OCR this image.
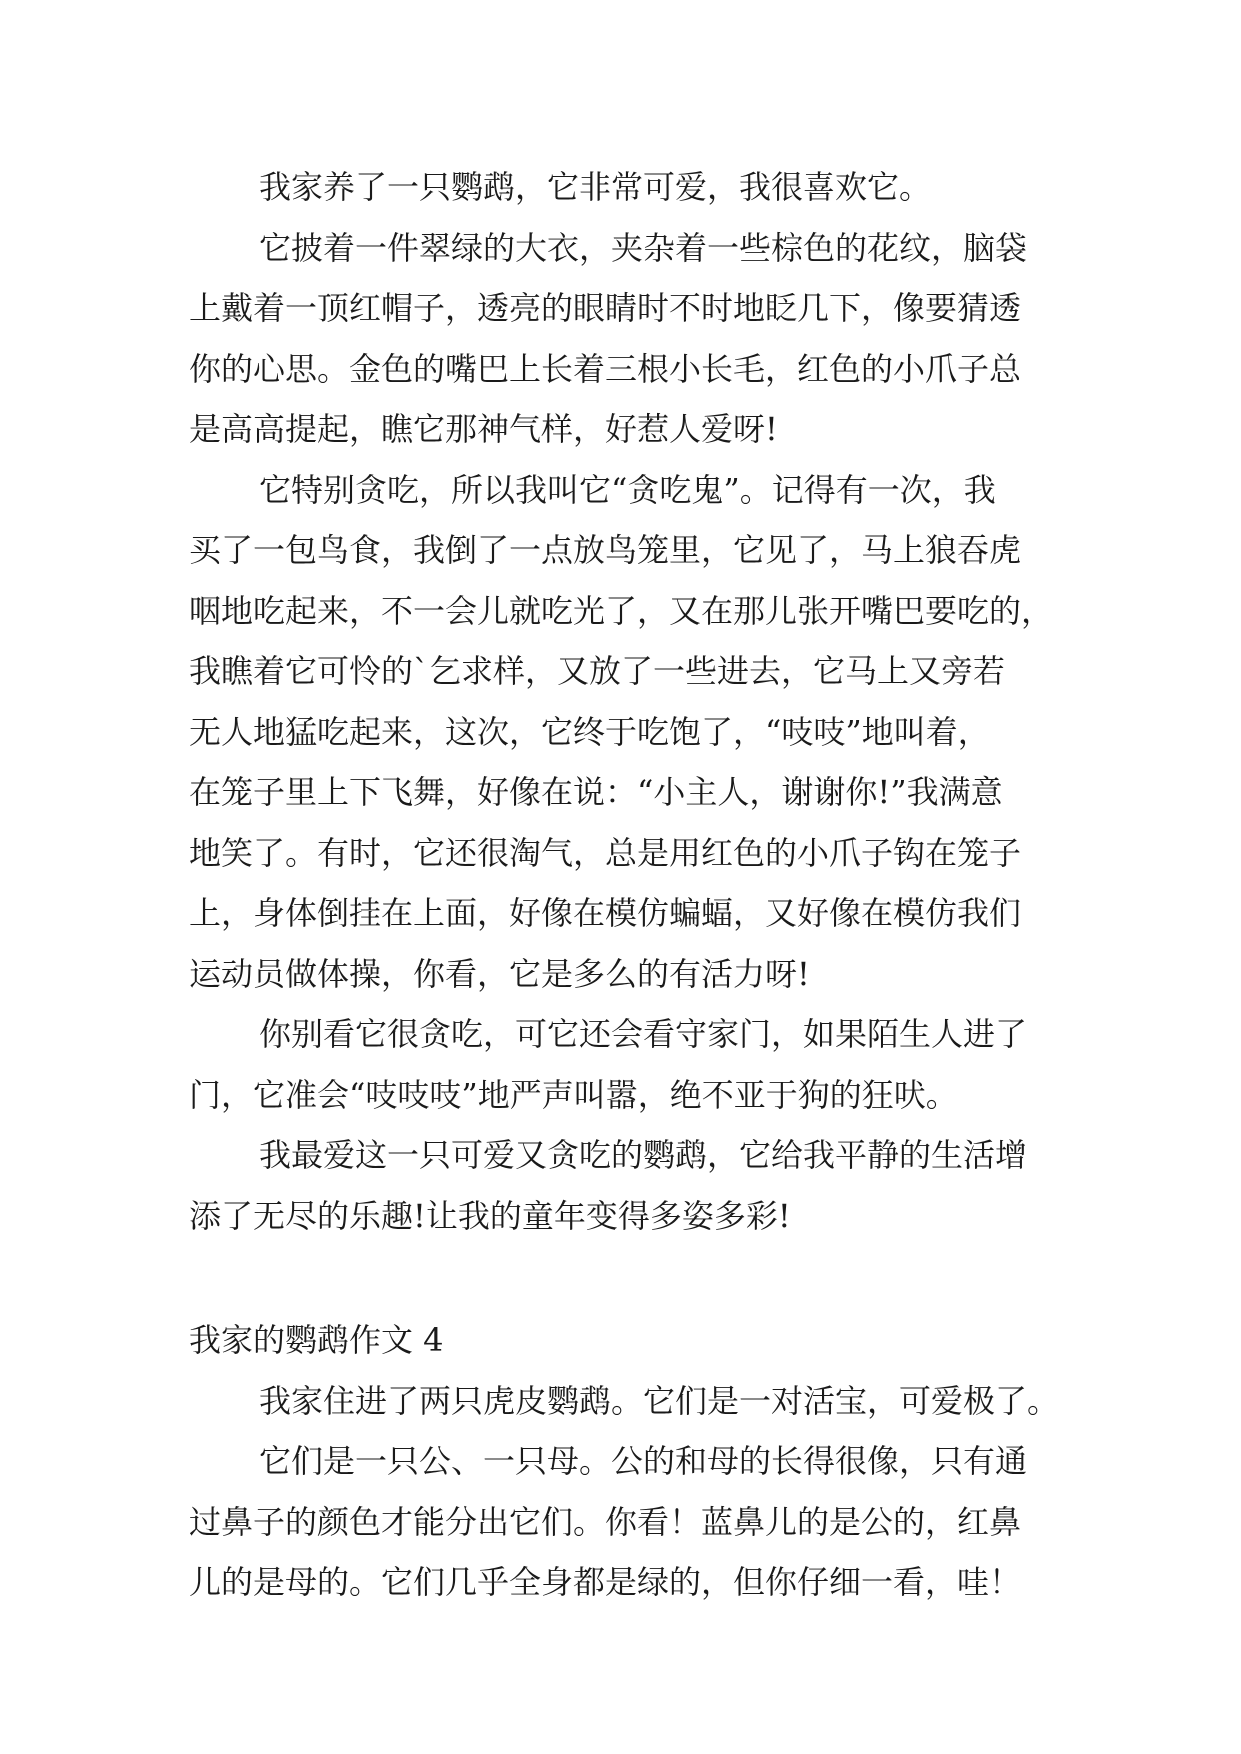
我家养了一只鹦鹉，它非常可爱，我很喜欢它。
它披着一件翠绿的大衣，夹杂着一些棕色的花纹，脑袋
上戴着一顶红帽子，透亮的眼睛时不时地眨几下，像要猜透
你的心思。金色的嘴巴上长着三根小长毛，红色的小爪子总
是高高提起，瞧它那神气样，好惹人爱呀!
它特别贪吃，所以我叫它“贪吃鬼”。记得有一次，我
买了一包鸟食，我倒了一点放鸟笼里，它见了，马上狼吞虎
咽地吃起来，不一会儿就吃光了，又在那儿张开嘴巴要吃的，
我瞧着它可怜的`乞求样，又放了一些进去，它马上又旁若
无人地猛吃起来，这次，它终于吃饱了，“吱吱”地叫着，
在笼子里上下飞舞，好像在说：“小主人，谢谢你!”我满意
地笑了。有时，它还很淘气，总是用红色的小爪子钩在笼子
上，身体倒挂在上面，好像在模仿蝙蝠，又好像在模仿我们
运动员做体操，你看，它是多么的有活力呀!
你别看它很贪吃，可它还会看守家门，如果陌生人进了
门，它准会“吱吱吱”地严声叫嚣，绝不亚于狗的狂吠。
我最爱这一只可爱又贪吃的鹦鹉，它给我平静的生活增
添了无尽的乐趣!让我的童年变得多姿多彩!
我家的鹦鹉作文 4
我家住进了两只虎皮鹦鹉。它们是一对活宝，可爱极了。
它们是一只公、一只母。公的和母的长得很像，只有通
过鼻子的颜色才能分出它们。你看！蓝鼻儿的是公的，红鼻
儿的是母的。它们几乎全身都是绿的，但你仔细一看，哇！
